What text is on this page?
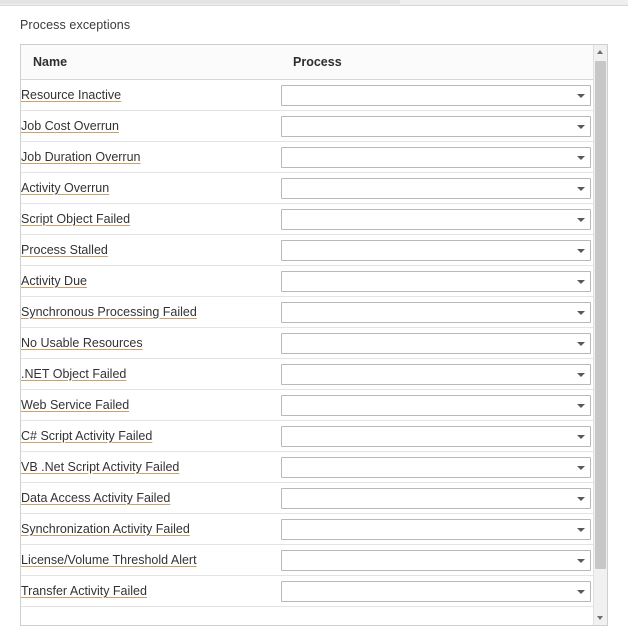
Process exceptions
Name	Process
Resource Inactive	

Job Cost Overrun	

Job Duration Overrun	

Activity Overrun	

Script Object Failed	

Process Stalled	

Activity Due	

Synchronous Processing Failed	

No Usable Resources	

.NET Object Failed	

Web Service Failed	

C# Script Activity Failed	

VB .Net Script Activity Failed	

Data Access Activity Failed	

Synchronization Activity Failed	

License/Volume Threshold Alert	

Transfer Activity Failed	
